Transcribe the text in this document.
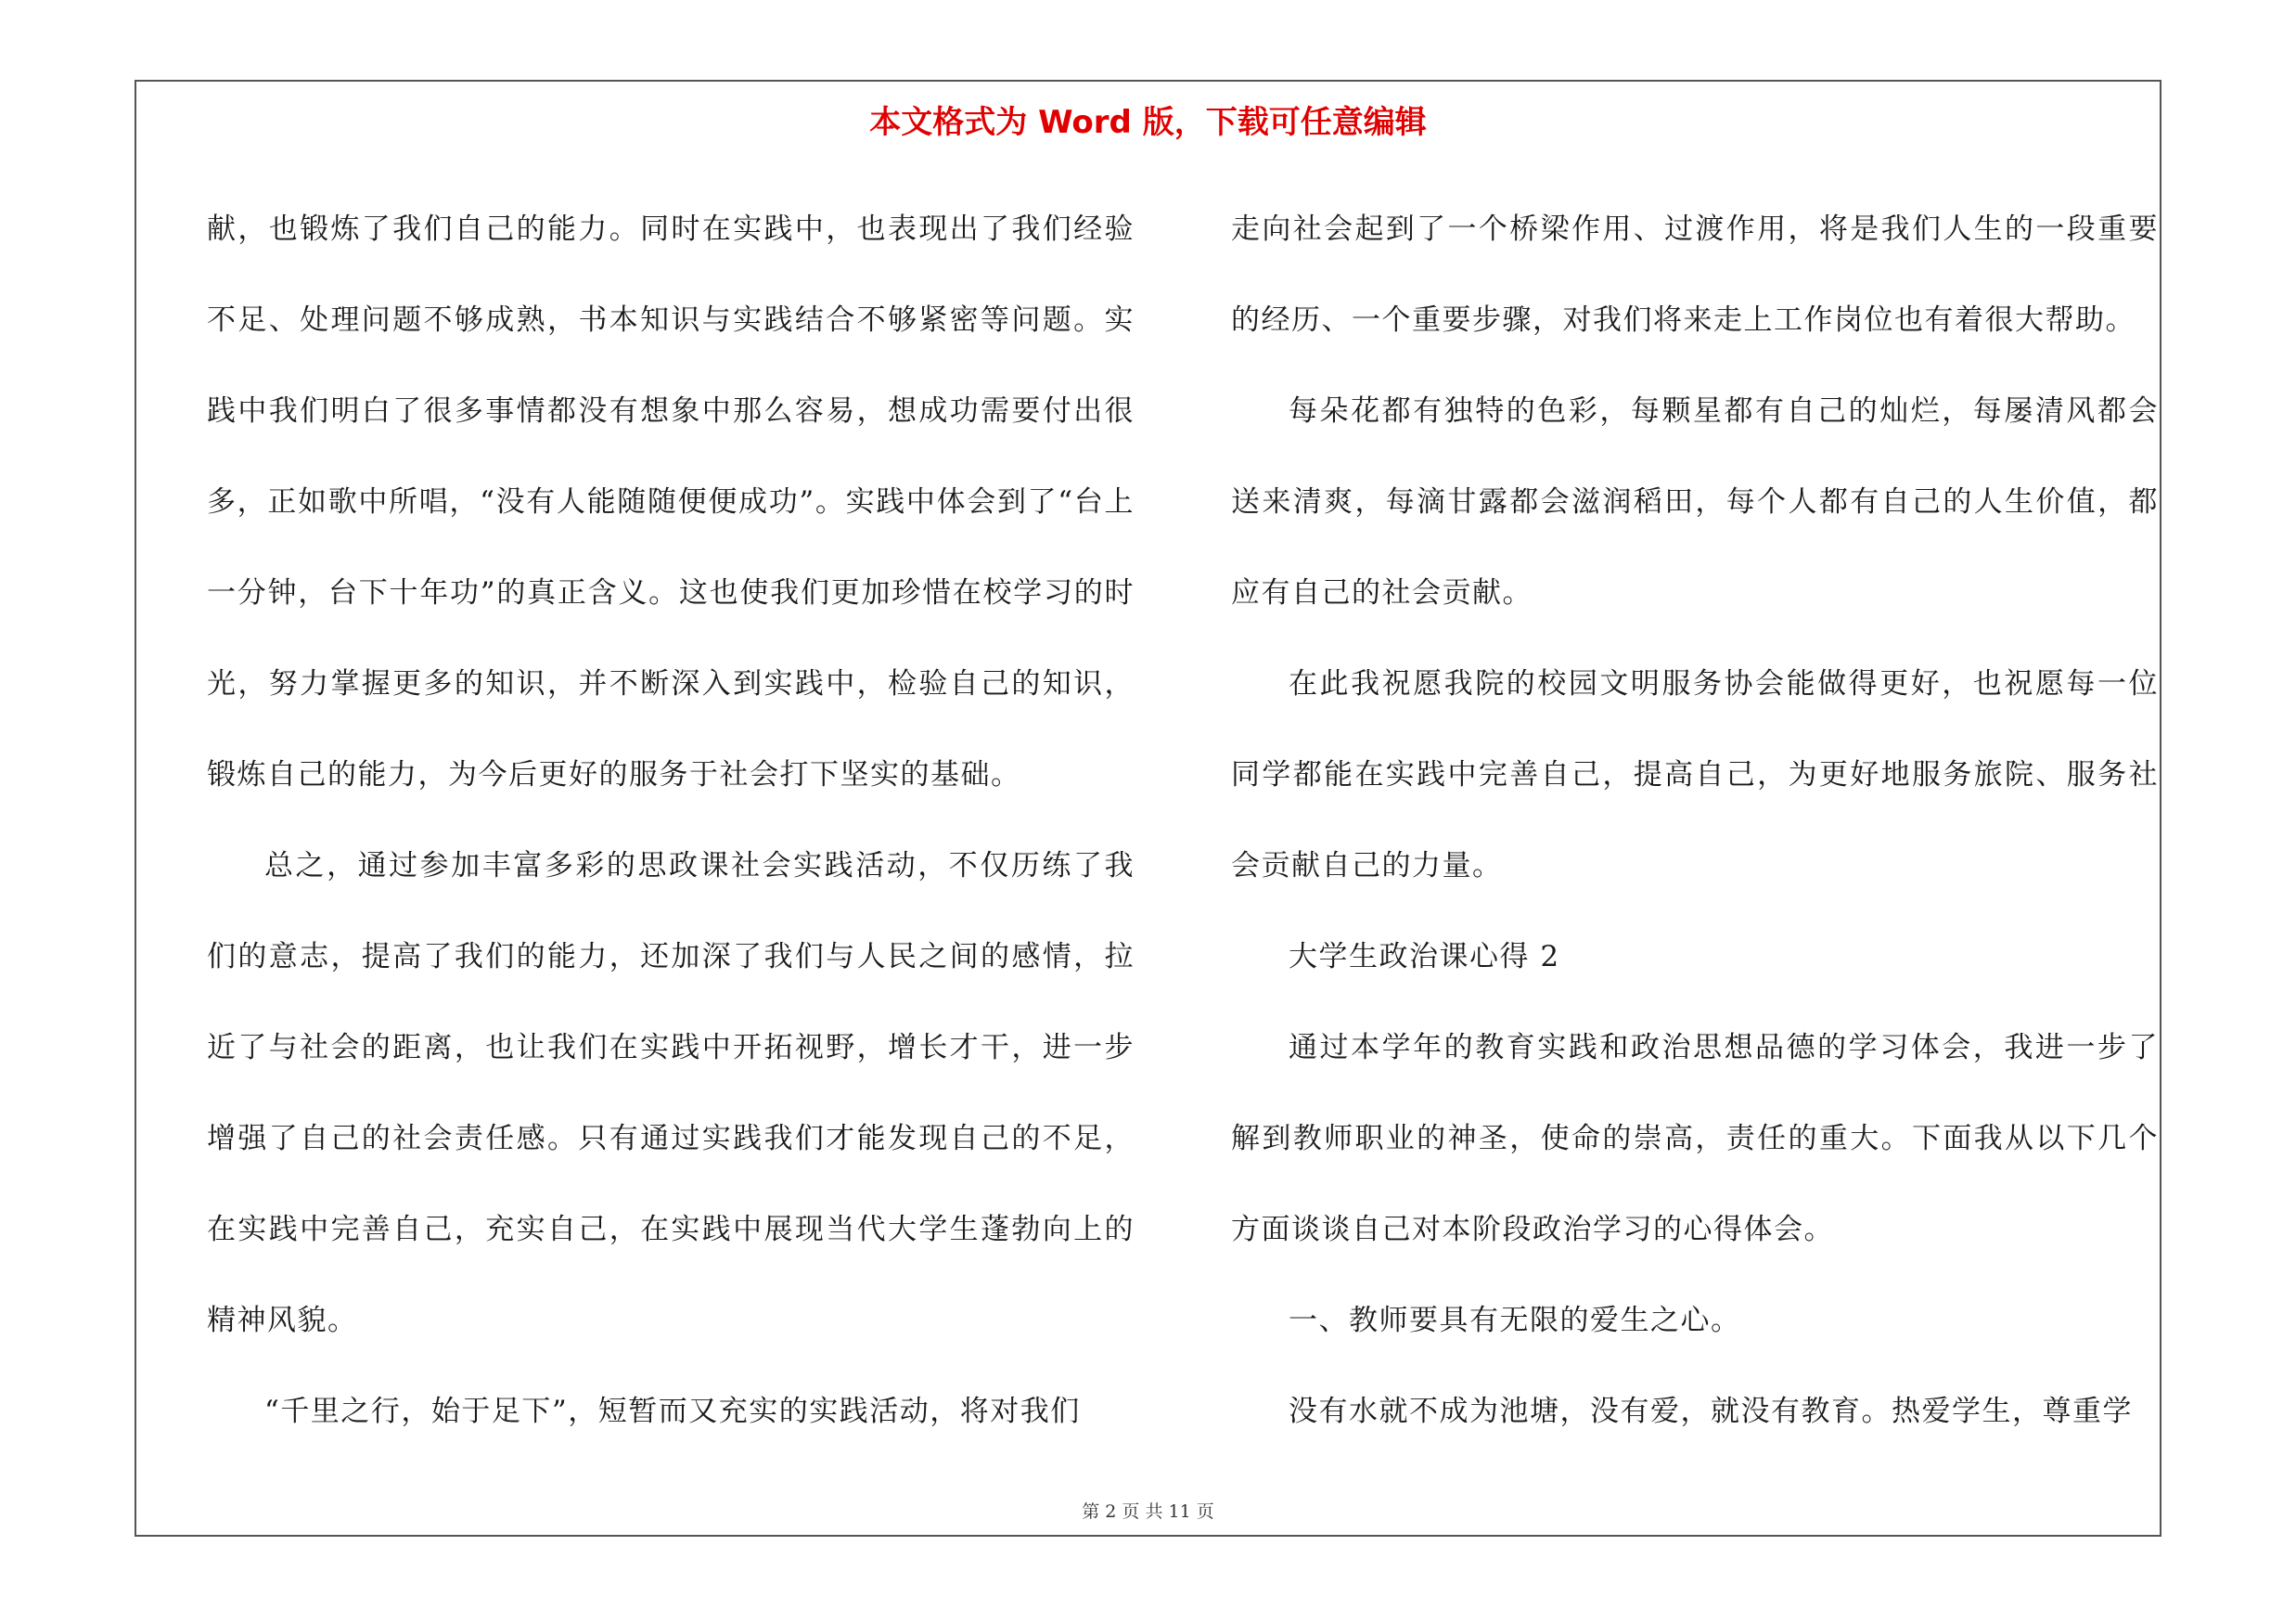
本文格式为 Word 版，下载可任意编辑

献，也锻炼了我们自己的能力。同时在实践中，也表现出了我们经验不足、处理问题不够成熟，书本知识与实践结合不够紧密等问题。实践中我们明白了很多事情都没有想象中那么容易，想成功需要付出很多，正如歌中所唱，“没有人能随随便便成功”。实践中体会到了“台上一分钟，台下十年功”的真正含义。这也使我们更加珍惜在校学习的时光，努力掌握更多的知识，并不断深入到实践中，检验自己的知识，锻炼自己的能力，为今后更好的服务于社会打下坚实的基础。

总之，通过参加丰富多彩的思政课社会实践活动，不仅历练了我们的意志，提高了我们的能力，还加深了我们与人民之间的感情，拉近了与社会的距离，也让我们在实践中开拓视野，增长才干，进一步增强了自己的社会责任感。只有通过实践我们才能发现自己的不足，在实践中完善自己，充实自己，在实践中展现当代大学生蓬勃向上的精神风貌。

“千里之行，始于足下”，短暂而又充实的实践活动，将对我们

走向社会起到了一个桥梁作用、过渡作用，将是我们人生的一段重要的经历、一个重要步骤，对我们将来走上工作岗位也有着很大帮助。

每朵花都有独特的色彩，每颗星都有自己的灿烂，每屡清风都会送来清爽，每滴甘露都会滋润稻田，每个人都有自己的人生价值，都应有自己的社会贡献。

在此我祝愿我院的校园文明服务协会能做得更好，也祝愿每一位同学都能在实践中完善自己，提高自己，为更好地服务旅院、服务社会贡献自己的力量。

大学生政治课心得 2

通过本学年的教育实践和政治思想品德的学习体会，我进一步了解到教师职业的神圣，使命的崇高，责任的重大。下面我从以下几个方面谈谈自己对本阶段政治学习的心得体会。

一、教师要具有无限的爱生之心。

没有水就不成为池塘，没有爱，就没有教育。热爱学生，尊重学

第 2 页 共 11 页
